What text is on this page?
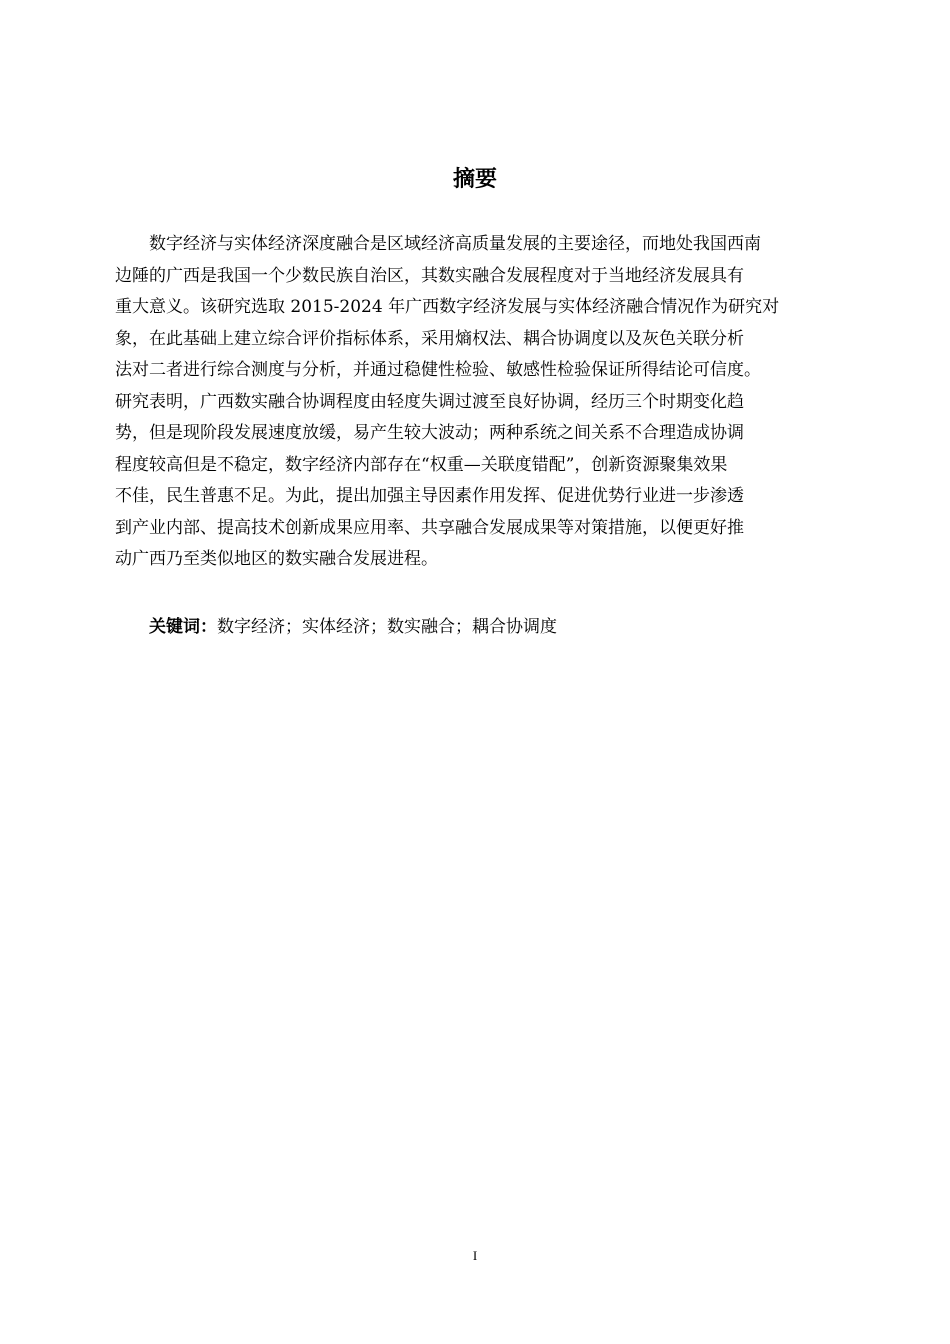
摘要
数字经济与实体经济深度融合是区域经济高质量发展的主要途径，而地处我国西南
边陲的广西是我国一个少数民族自治区，其数实融合发展程度对于当地经济发展具有
重大意义。该研究选取 2015-2024 年广西数字经济发展与实体经济融合情况作为研究对
象，在此基础上建立综合评价指标体系，采用熵权法、耦合协调度以及灰色关联分析
法对二者进行综合测度与分析，并通过稳健性检验、敏感性检验保证所得结论可信度。
研究表明，广西数实融合协调程度由轻度失调过渡至良好协调，经历三个时期变化趋
势，但是现阶段发展速度放缓，易产生较大波动；两种系统之间关系不合理造成协调
程度较高但是不稳定，数字经济内部存在“权重—关联度错配”，创新资源聚集效果
不佳，民生普惠不足。为此，提出加强主导因素作用发挥、促进优势行业进一步渗透
到产业内部、提高技术创新成果应用率、共享融合发展成果等对策措施，以便更好推
动广西乃至类似地区的数实融合发展进程。
关键词：数字经济；实体经济；数实融合；耦合协调度
I
